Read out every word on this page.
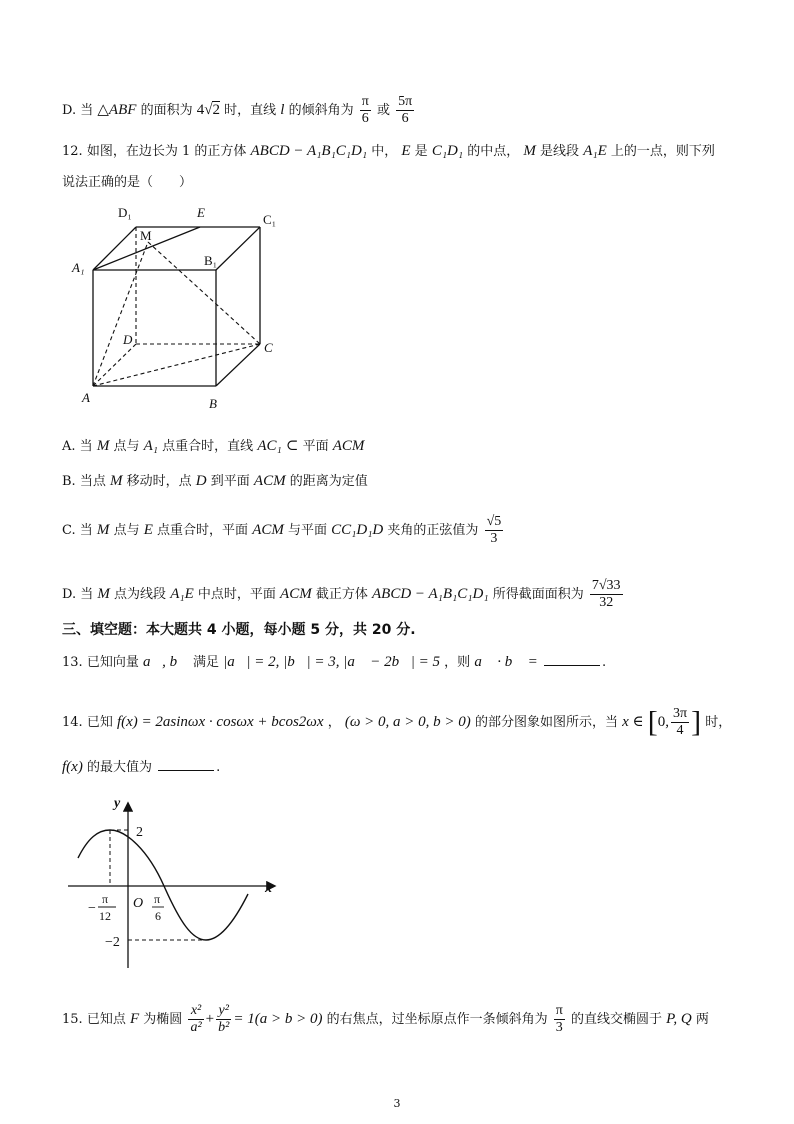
D. 当 △ABF 的面积为 4√2 时，直线 l 的倾斜角为 $\frac{\pi}{6}$ 或 $\frac{5\pi}{6}$
12. 如图，在边长为 1 的正方体 ABCD − A₁B₁C₁D₁ 中， E 是 C₁D₁ 的中点， M 是线段 A₁E 上的一点，则下列
说法正确的是（　　）
D₁	E	C₁
M
A₁	B₁
D
C
A	B
A. 当 M 点与 A₁ 点重合时，直线 AC₁ ⊂ 平面 ACM
B. 当点 M 移动时，点 D 到平面 ACM 的距离为定值
C. 当 M 点与 E 点重合时，平面 ACM 与平面 CC₁D₁D 夹角的正弦值为 $\frac{√5}{3}$
D. 当 M 点为线段 A₁E 中点时，平面 ACM 截正方体 ABCD − A₁B₁C₁D₁ 所得截面面积为 $\frac{7√33}{32}$
三、填空题：本大题共 4 小题，每小题 5 分，共 20 分.
13. 已知向量 a⃗, b⃗ 满足 |a⃗| = 2, |b⃗| = 3, |a⃗ − 2b⃗| = 5 ，则 a⃗ · b⃗ =	.
14. 已知 f(x) = 2asinωx · cosωx + bcos2ωx ， (ω > 0, a > 0, b > 0) 的部分图象如图所示，当 x ∈ [0, $\frac{3\pi}{4}$ ] 时，
f(x) 的最大值为	.
y
x
2
−2
O
−
π
12
π
6
15. 已知点 F 为椭圆 $\frac{\text{x²}}{\text{a²}} + \frac{\text{y²}}{\text{b²}} = 1(a > b > 0)$ 的右焦点，过坐标原点作一条倾斜角为 $\frac{\pi}{3}$ 的直线交椭圆于 P, Q 两
3
